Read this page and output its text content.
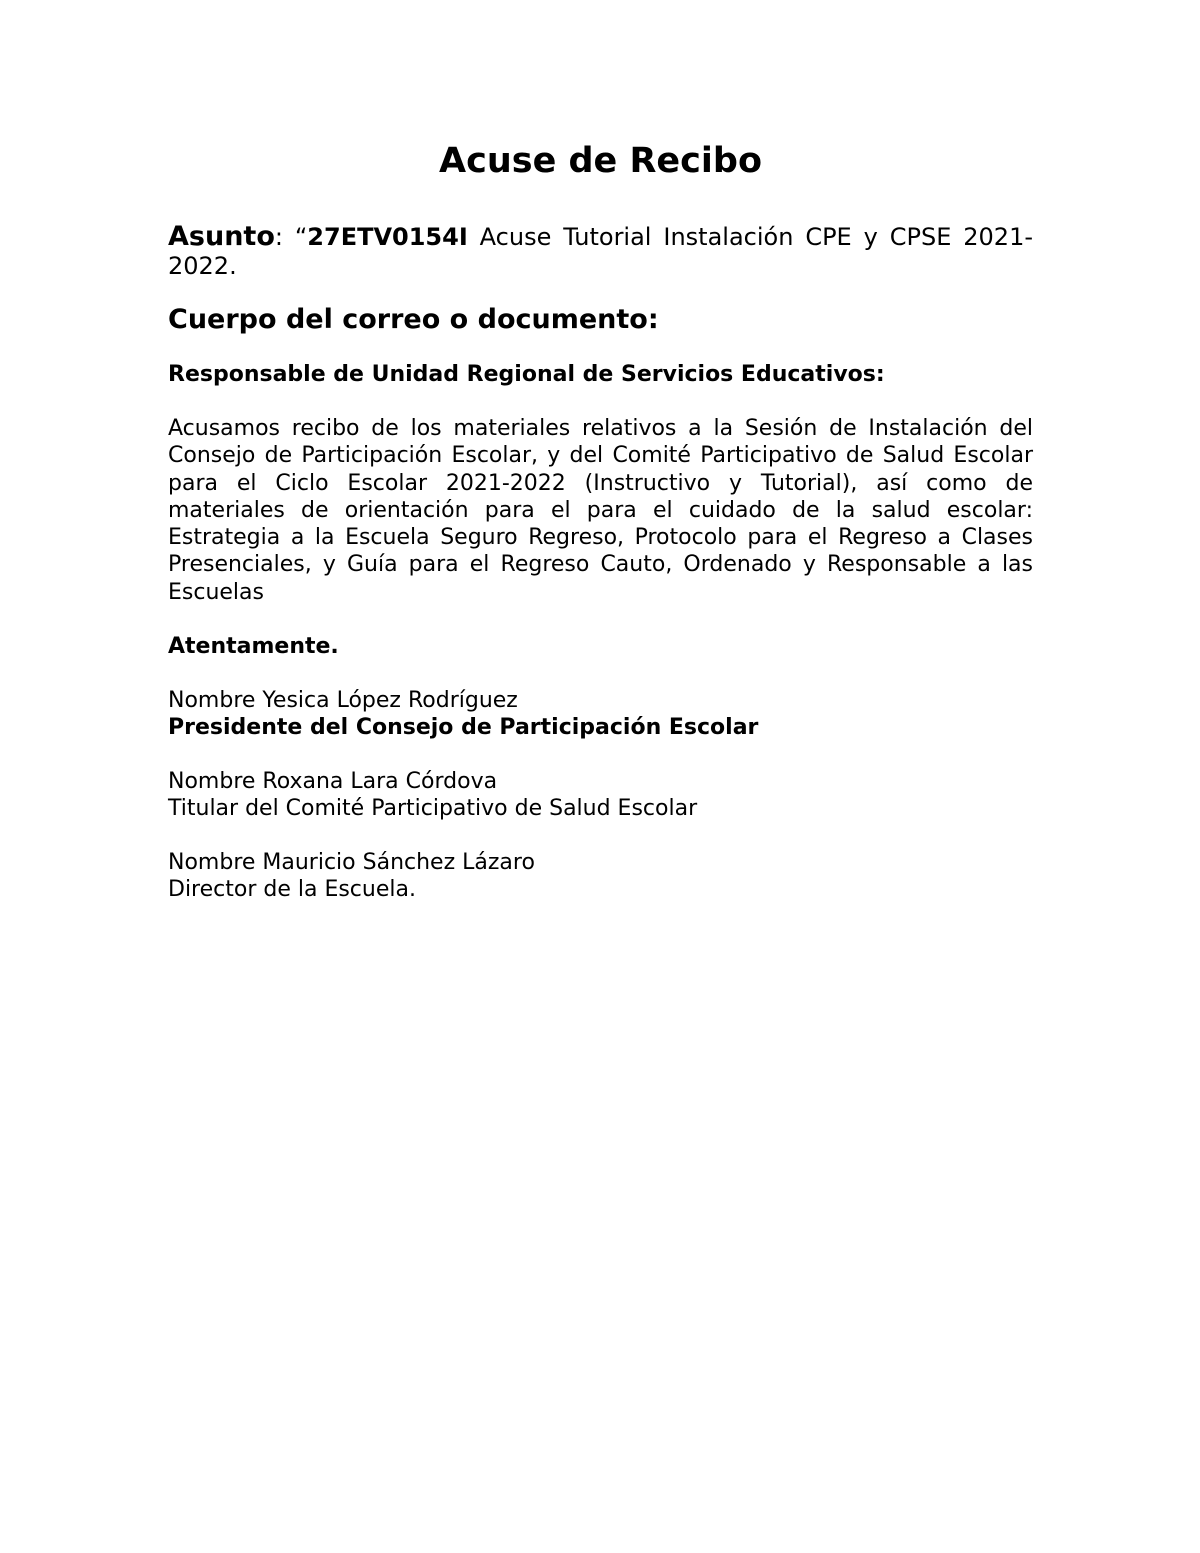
Acuse de Recibo

Asunto: “27ETV0154I Acuse Tutorial Instalación CPE y CPSE 2021-2022.

Cuerpo del correo o documento:

Responsable de Unidad Regional de Servicios Educativos:

Acusamos recibo de los materiales relativos a la Sesión de Instalación del Consejo de Participación Escolar, y del Comité Participativo de Salud Escolar para el Ciclo Escolar 2021-2022 (Instructivo y Tutorial), así como de materiales de orientación para el para el cuidado de la salud escolar: Estrategia a la Escuela Seguro Regreso, Protocolo para el Regreso a Clases Presenciales, y Guía para el Regreso Cauto, Ordenado y Responsable a las Escuelas

Atentamente.

Nombre Yesica López Rodríguez
Presidente del Consejo de Participación Escolar
Nombre Roxana Lara Córdova
Titular del Comité Participativo de Salud Escolar
Nombre Mauricio Sánchez Lázaro
Director de la Escuela.
